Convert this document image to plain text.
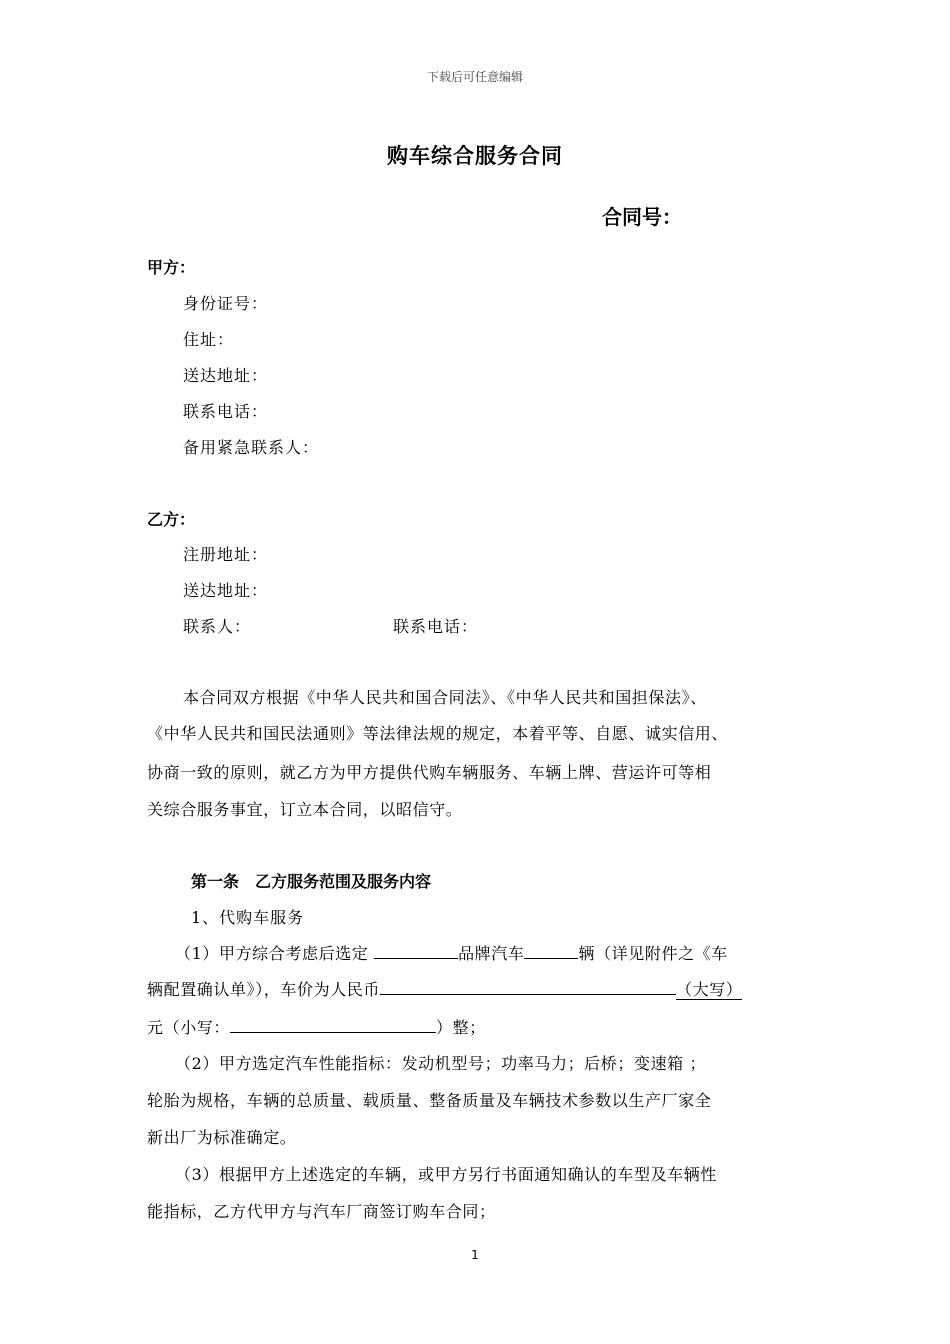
下载后可任意编辑
购车综合服务合同
合同号：
甲方：
身份证号：
住址：
送达地址：
联系电话：
备用紧急联系人：
乙方：
注册地址：
送达地址：
联系人：	联系电话：
本合同双方根据《中华人民共和国合同法》、《中华人民共和国担保法》、
《中华人民共和国民法通则》等法律法规的规定，本着平等、自愿、诚实信用、
协商一致的原则，就乙方为甲方提供代购车辆服务、车辆上牌、营运许可等相
关综合服务事宜，订立本合同，以昭信守。
第一条　乙方服务范围及服务内容
1、代购车服务
（1）甲方综合考虑后选定	品牌汽车	辆（详见附件之《车
辆配置确认单》），车价为人民币	（大写）
元（小写：	）整；
（2）甲方选定汽车性能指标：发动机型号；功率马力；后桥；变速箱 ；
轮胎为规格，车辆的总质量、载质量、整备质量及车辆技术参数以生产厂家全
新出厂为标准确定。
（3）根据甲方上述选定的车辆，或甲方另行书面通知确认的车型及车辆性
能指标，乙方代甲方与汽车厂商签订购车合同；
1
